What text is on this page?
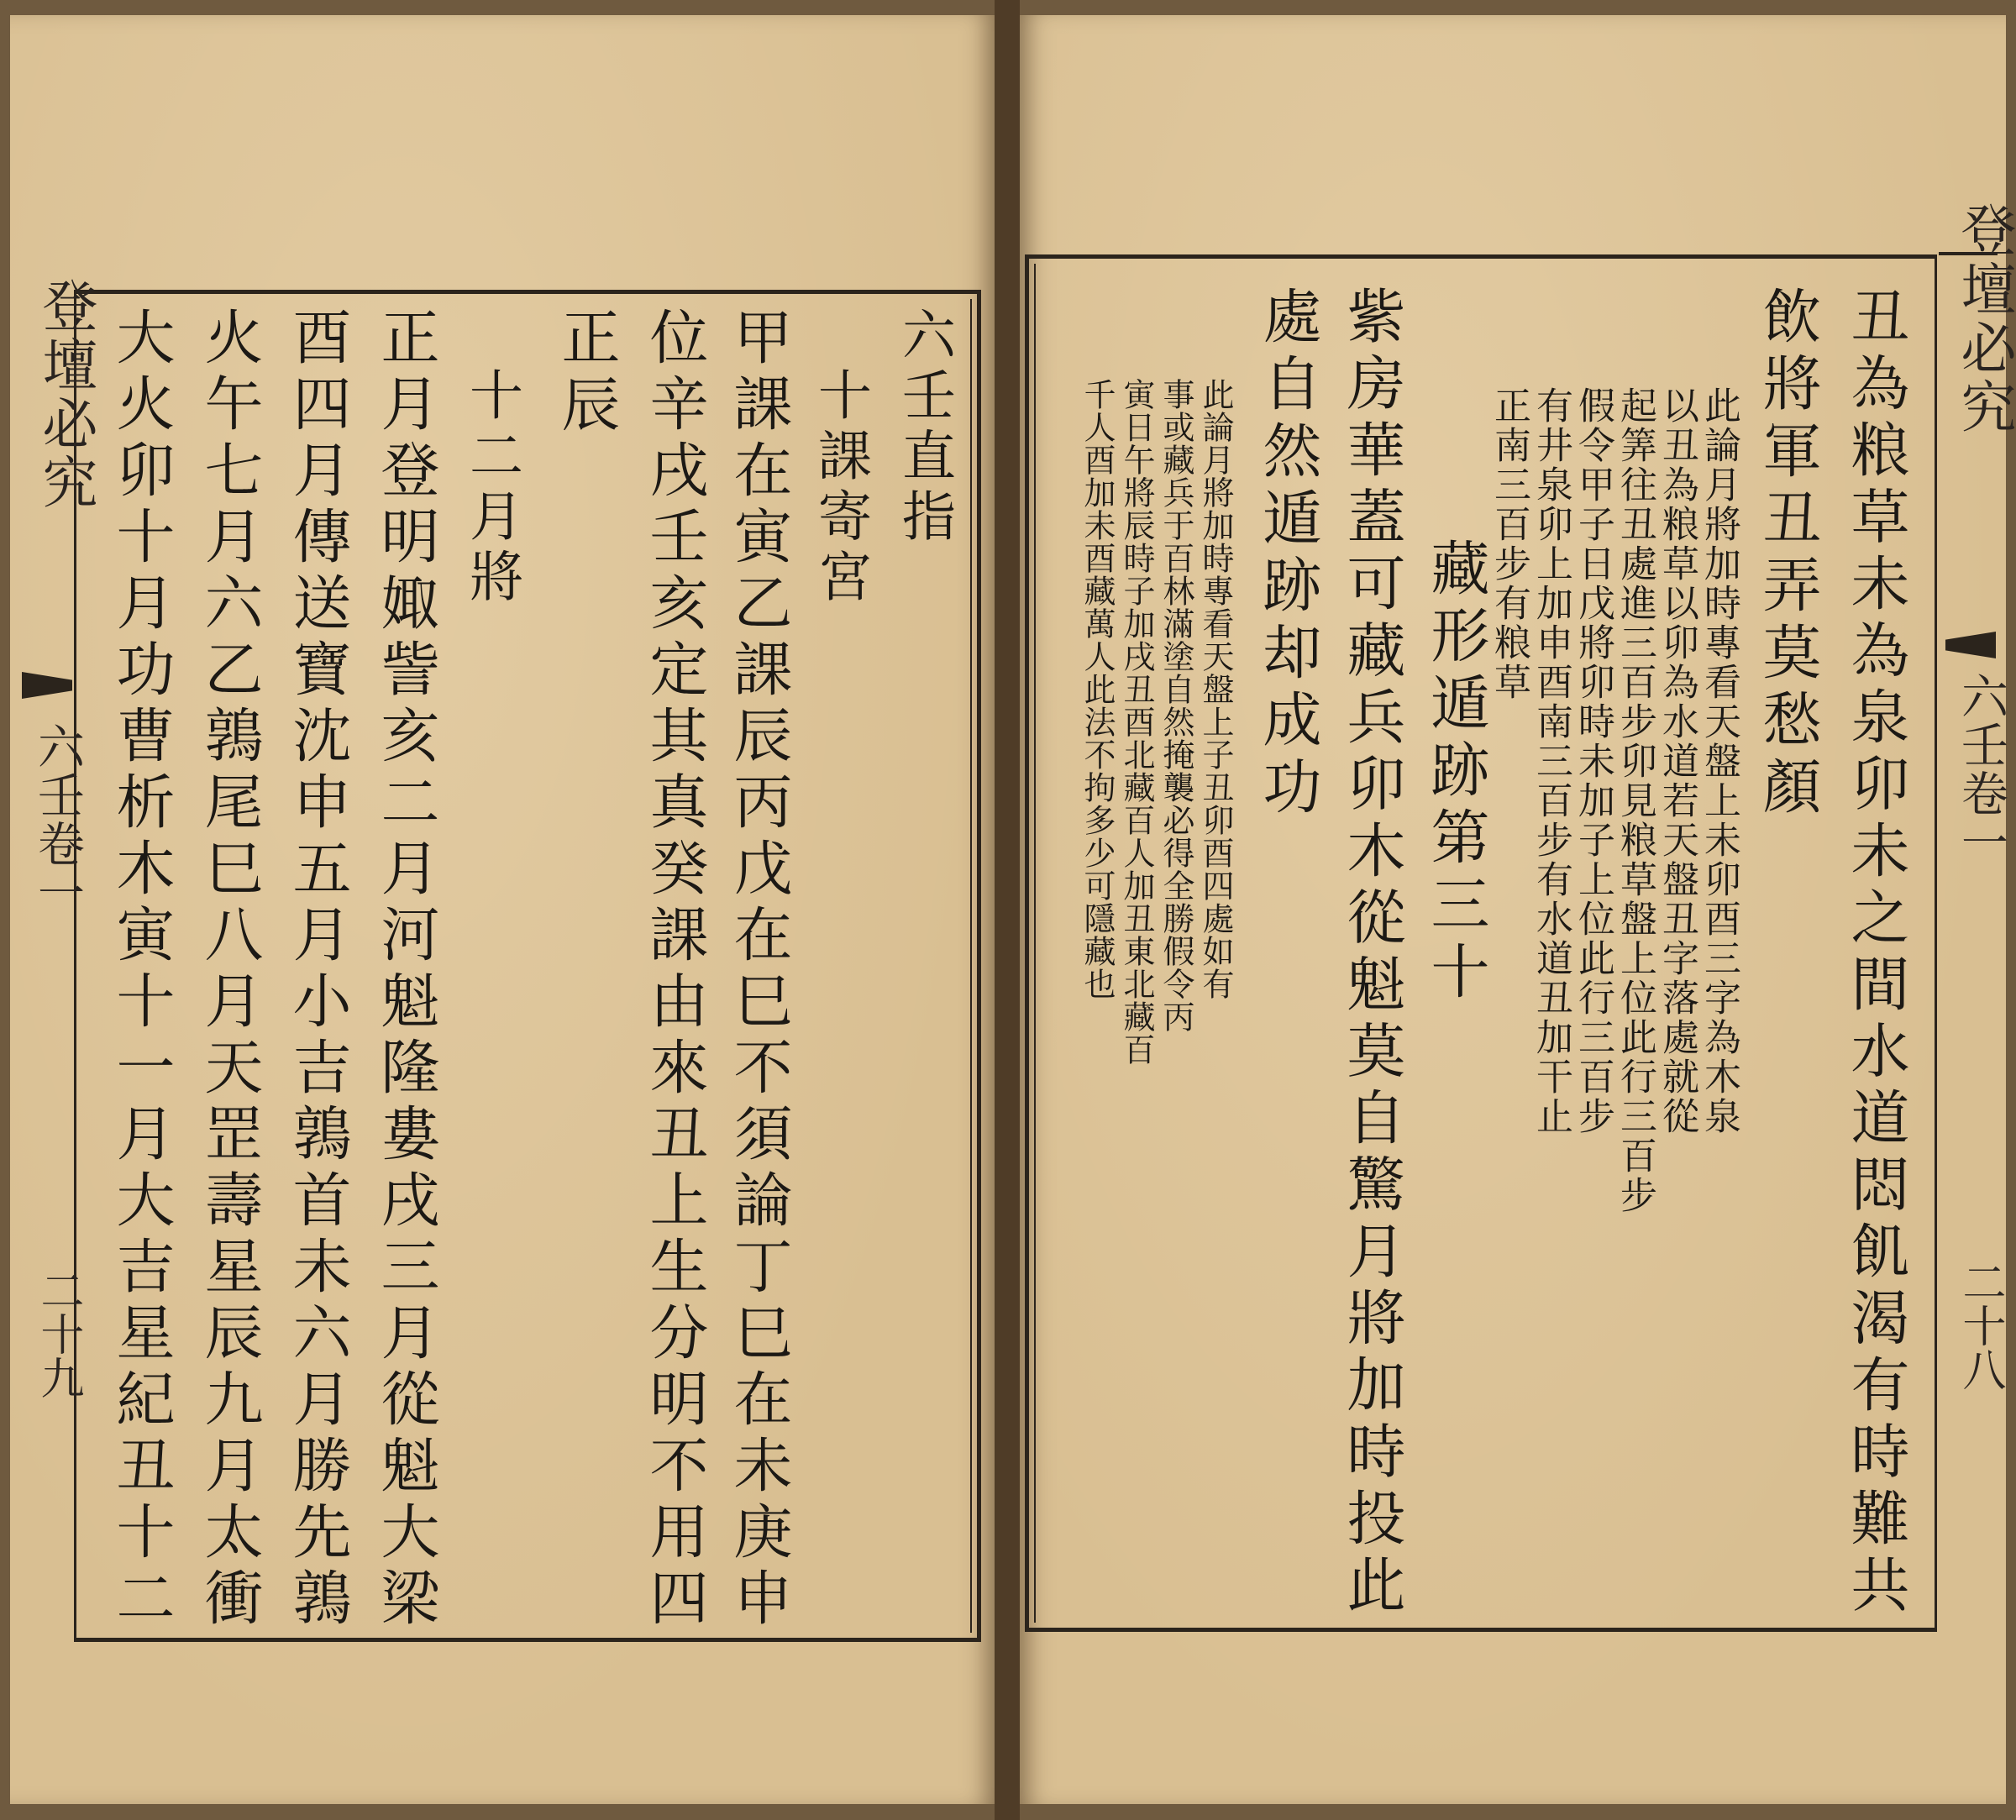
登壇必究
六壬卷一
二十九
六壬直指
　十課寄宮
甲課在寅乙課辰丙戊在巳不須論丁巳在未庚申
位辛戌壬亥定其真癸課由來丑上生分明不用四
正辰
　十二月將
正月登明娵訾亥二月河魁隆婁戌三月從魁大梁
酉四月傳送寶沈申五月小吉鶉首未六月勝先鶉
火午七月六乙鶉尾巳八月天罡壽星辰九月太衝
大火卯十月功曹析木寅十一月大吉星紀丑十二	登壇必究
六壬卷一
二十八
丑為粮草未為泉卯未之間水道悶飢渴有時難共
飲將軍丑弄莫愁顏
此論月將加時專看天盤上未卯酉三字為木泉
以丑為粮草以卯為水道若天盤丑字落處就從
起筭往丑處進三百步卯見粮草盤上位此行三百步
假令甲子日戊將卯時未加子上位此行三百步
有井泉卯上加申酉南三百步有水道丑加干止
正南三百步有粮草
　藏形遁跡第三十
紫房華蓋可藏兵卯木從魁莫自驚月將加時投此
處自然遁跡却成功
此論月將加時專看天盤上子丑卯酉四處如有
事或藏兵于百林滿塗自然掩襲必得全勝假令丙
寅日午將辰時子加戌丑酉北藏百人加丑東北藏百
千人酉加未酉藏萬人此法不拘多少可隱藏也
